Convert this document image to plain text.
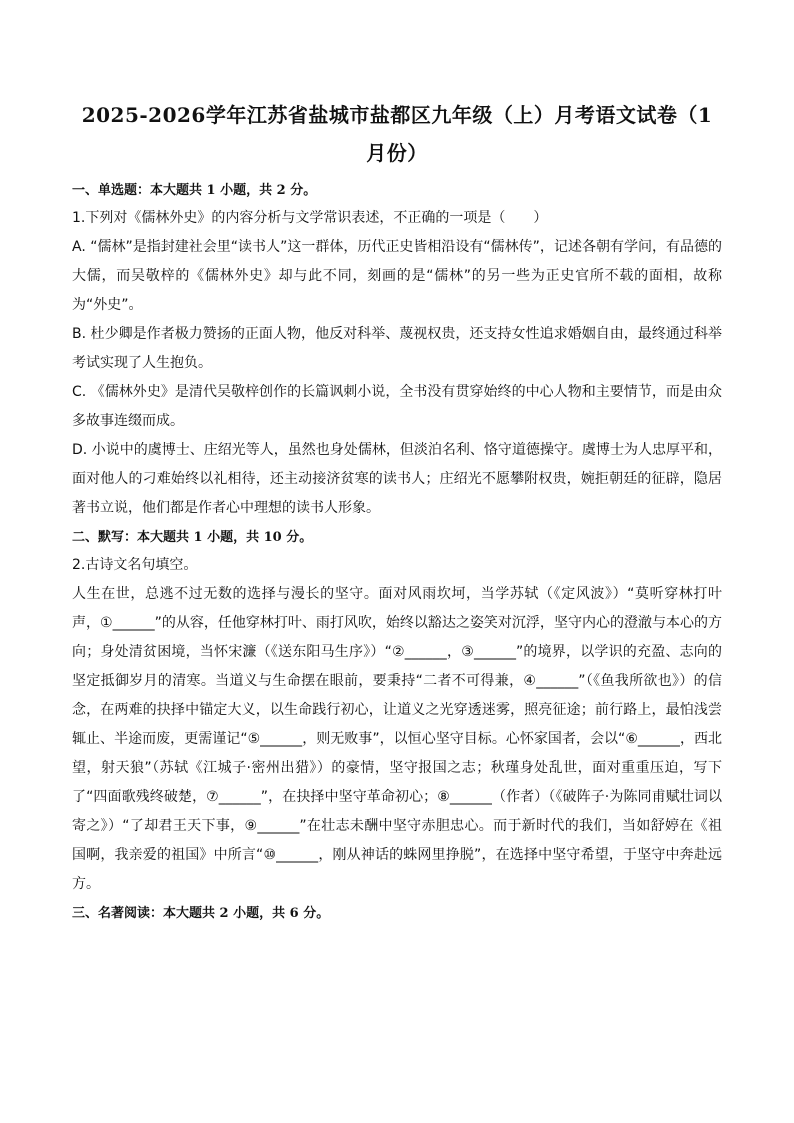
2025-2026学年江苏省盐城市盐都区九年级（上）月考语文试卷（1月份）

一、单选题：本大题共 1 小题，共 2 分。

1.下列对《儒林外史》的内容分析与文学常识表述，不正确的一项是（　　）

A. “儒林”是指封建社会里“读书人”这一群体，历代正史皆相沿设有“儒林传”，记述各朝有学问，有品德的大儒，而吴敬梓的《儒林外史》却与此不同，刻画的是“儒林”的另一些为正史官所不载的面相，故称为“外史”。

B. 杜少卿是作者极力赞扬的正面人物，他反对科举、蔑视权贵，还支持女性追求婚姻自由，最终通过科举考试实现了人生抱负。

C. 《儒林外史》是清代吴敬梓创作的长篇讽刺小说，全书没有贯穿始终的中心人物和主要情节，而是由众多故事连缀而成。

D. 小说中的虞博士、庄绍光等人，虽然也身处儒林，但淡泊名利、恪守道德操守。虞博士为人忠厚平和，面对他人的刁难始终以礼相待，还主动接济贫寒的读书人；庄绍光不愿攀附权贵，婉拒朝廷的征辟，隐居著书立说，他们都是作者心中理想的读书人形象。

二、默写：本大题共 1 小题，共 10 分。

2.古诗文名句填空。

人生在世，总逃不过无数的选择与漫长的坚守。面对风雨坎坷，当学苏轼（《定风波》）“莫听穿林打叶声，①______”的从容，任他穿林打叶、雨打风吹，始终以豁达之姿笑对沉浮，坚守内心的澄澈与本心的方向；身处清贫困境，当怀宋濂（《送东阳马生序》）“②______，③______”的境界，以学识的充盈、志向的坚定抵御岁月的清寒。当道义与生命摆在眼前，要秉持“二者不可得兼，④______”（《鱼我所欲也》）的信念，在两难的抉择中锚定大义，以生命践行初心，让道义之光穿透迷雾，照亮征途；前行路上，最怕浅尝辄止、半途而废，更需谨记“⑤______，则无败事”，以恒心坚守目标。心怀家国者，会以“⑥______，西北望，射天狼”（苏轼《江城子·密州出猎》）的豪情，坚守报国之志；秋瑾身处乱世，面对重重压迫，写下了“四面歌残终破楚，⑦______”，在抉择中坚守革命初心；⑧______（作者）（《破阵子·为陈同甫赋壮词以寄之》）“了却君王天下事，⑨______”在壮志未酬中坚守赤胆忠心。而于新时代的我们，当如舒婷在《祖国啊，我亲爱的祖国》中所言“⑩______，刚从神话的蛛网里挣脱”，在选择中坚守希望，于坚守中奔赴远方。

三、名著阅读：本大题共 2 小题，共 6 分。
